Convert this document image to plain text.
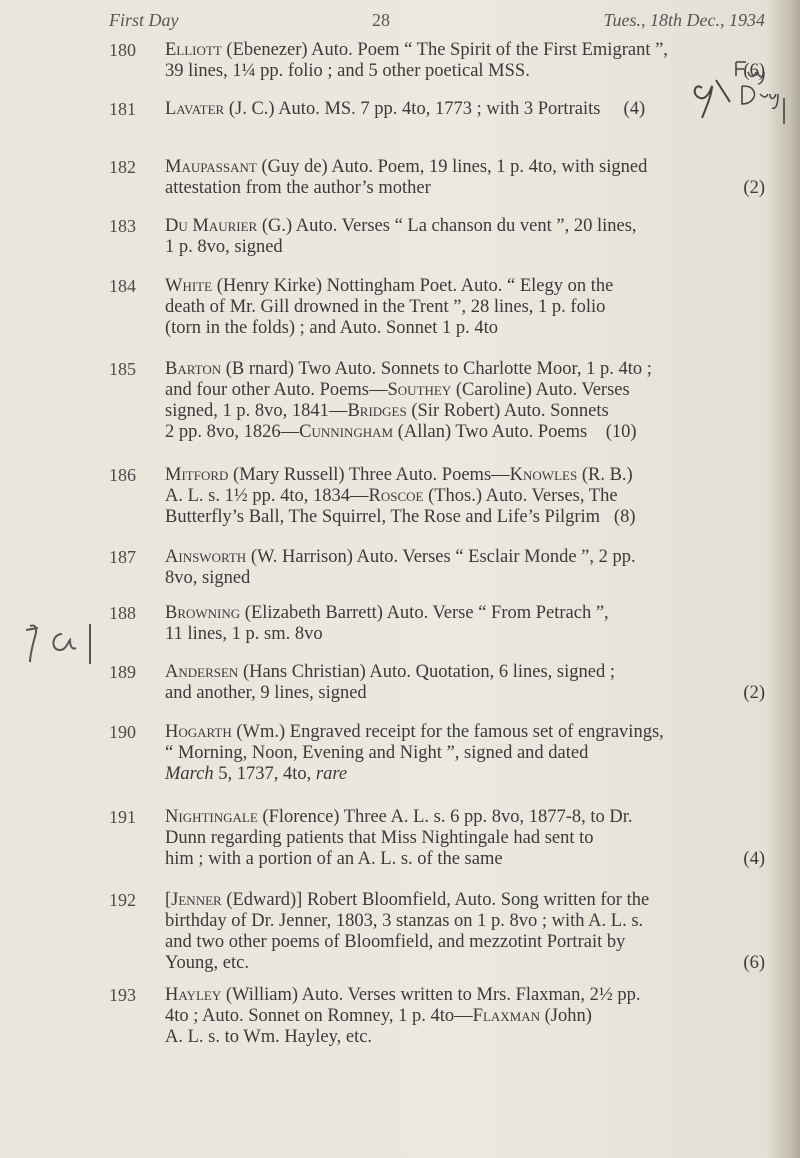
First Day	28	Tues., 18th Dec., 1934
180 Elliott (Ebenezer) Auto. Poem “ The Spirit of the First Emigrant ”,
39 lines, 1¼ pp. folio ; and 5 other poetical MSS.	(6)
181 Lavater (J. C.) Auto. MS. 7 pp. 4to, 1773 ; with 3 Portraits     (4)
182 Maupassant (Guy de) Auto. Poem, 19 lines, 1 p. 4to, with signed
attestation from the author’s mother	(2)
183 Du Maurier (G.) Auto. Verses “ La chanson du vent ”, 20 lines,
1 p. 8vo, signed
184 White (Henry Kirke) Nottingham Poet. Auto. “ Elegy on the
death of Mr. Gill drowned in the Trent ”, 28 lines, 1 p. folio
(torn in the folds) ; and Auto. Sonnet 1 p. 4to
185 Barton (B rnard) Two Auto. Sonnets to Charlotte Moor, 1 p. 4to ;
and four other Auto. Poems—Southey (Caroline) Auto. Verses
signed, 1 p. 8vo, 1841—Bridges (Sir Robert) Auto. Sonnets
2 pp. 8vo, 1826—Cunningham (Allan) Two Auto. Poems    (10)
186 Mitford (Mary Russell) Three Auto. Poems—Knowles (R. B.)
A. L. s. 1½ pp. 4to, 1834—Roscoe (Thos.) Auto. Verses, The
Butterfly’s Ball, The Squirrel, The Rose and Life’s Pilgrim   (8)
187 Ainsworth (W. Harrison) Auto. Verses “ Esclair Monde ”, 2 pp.
8vo, signed
188 Browning (Elizabeth Barrett) Auto. Verse “ From Petrach ”,
11 lines, 1 p. sm. 8vo
189 Andersen (Hans Christian) Auto. Quotation, 6 lines, signed ;
and another, 9 lines, signed	(2)
190 Hogarth (Wm.) Engraved receipt for the famous set of engravings,
“ Morning, Noon, Evening and Night ”, signed and dated
March 5, 1737, 4to, rare
191 Nightingale (Florence) Three A. L. s. 6 pp. 8vo, 1877-8, to Dr.
Dunn regarding patients that Miss Nightingale had sent to
him ; with a portion of an A. L. s. of the same	(4)
192 [Jenner (Edward)] Robert Bloomfield, Auto. Song written for the
birthday of Dr. Jenner, 1803, 3 stanzas on 1 p. 8vo ; with A. L. s.
and two other poems of Bloomfield, and mezzotint Portrait by
Young, etc.	(6)
193 Hayley (William) Auto. Verses written to Mrs. Flaxman, 2½ pp.
4to ; Auto. Sonnet on Romney, 1 p. 4to—Flaxman (John)
A. L. s. to Wm. Hayley, etc.
